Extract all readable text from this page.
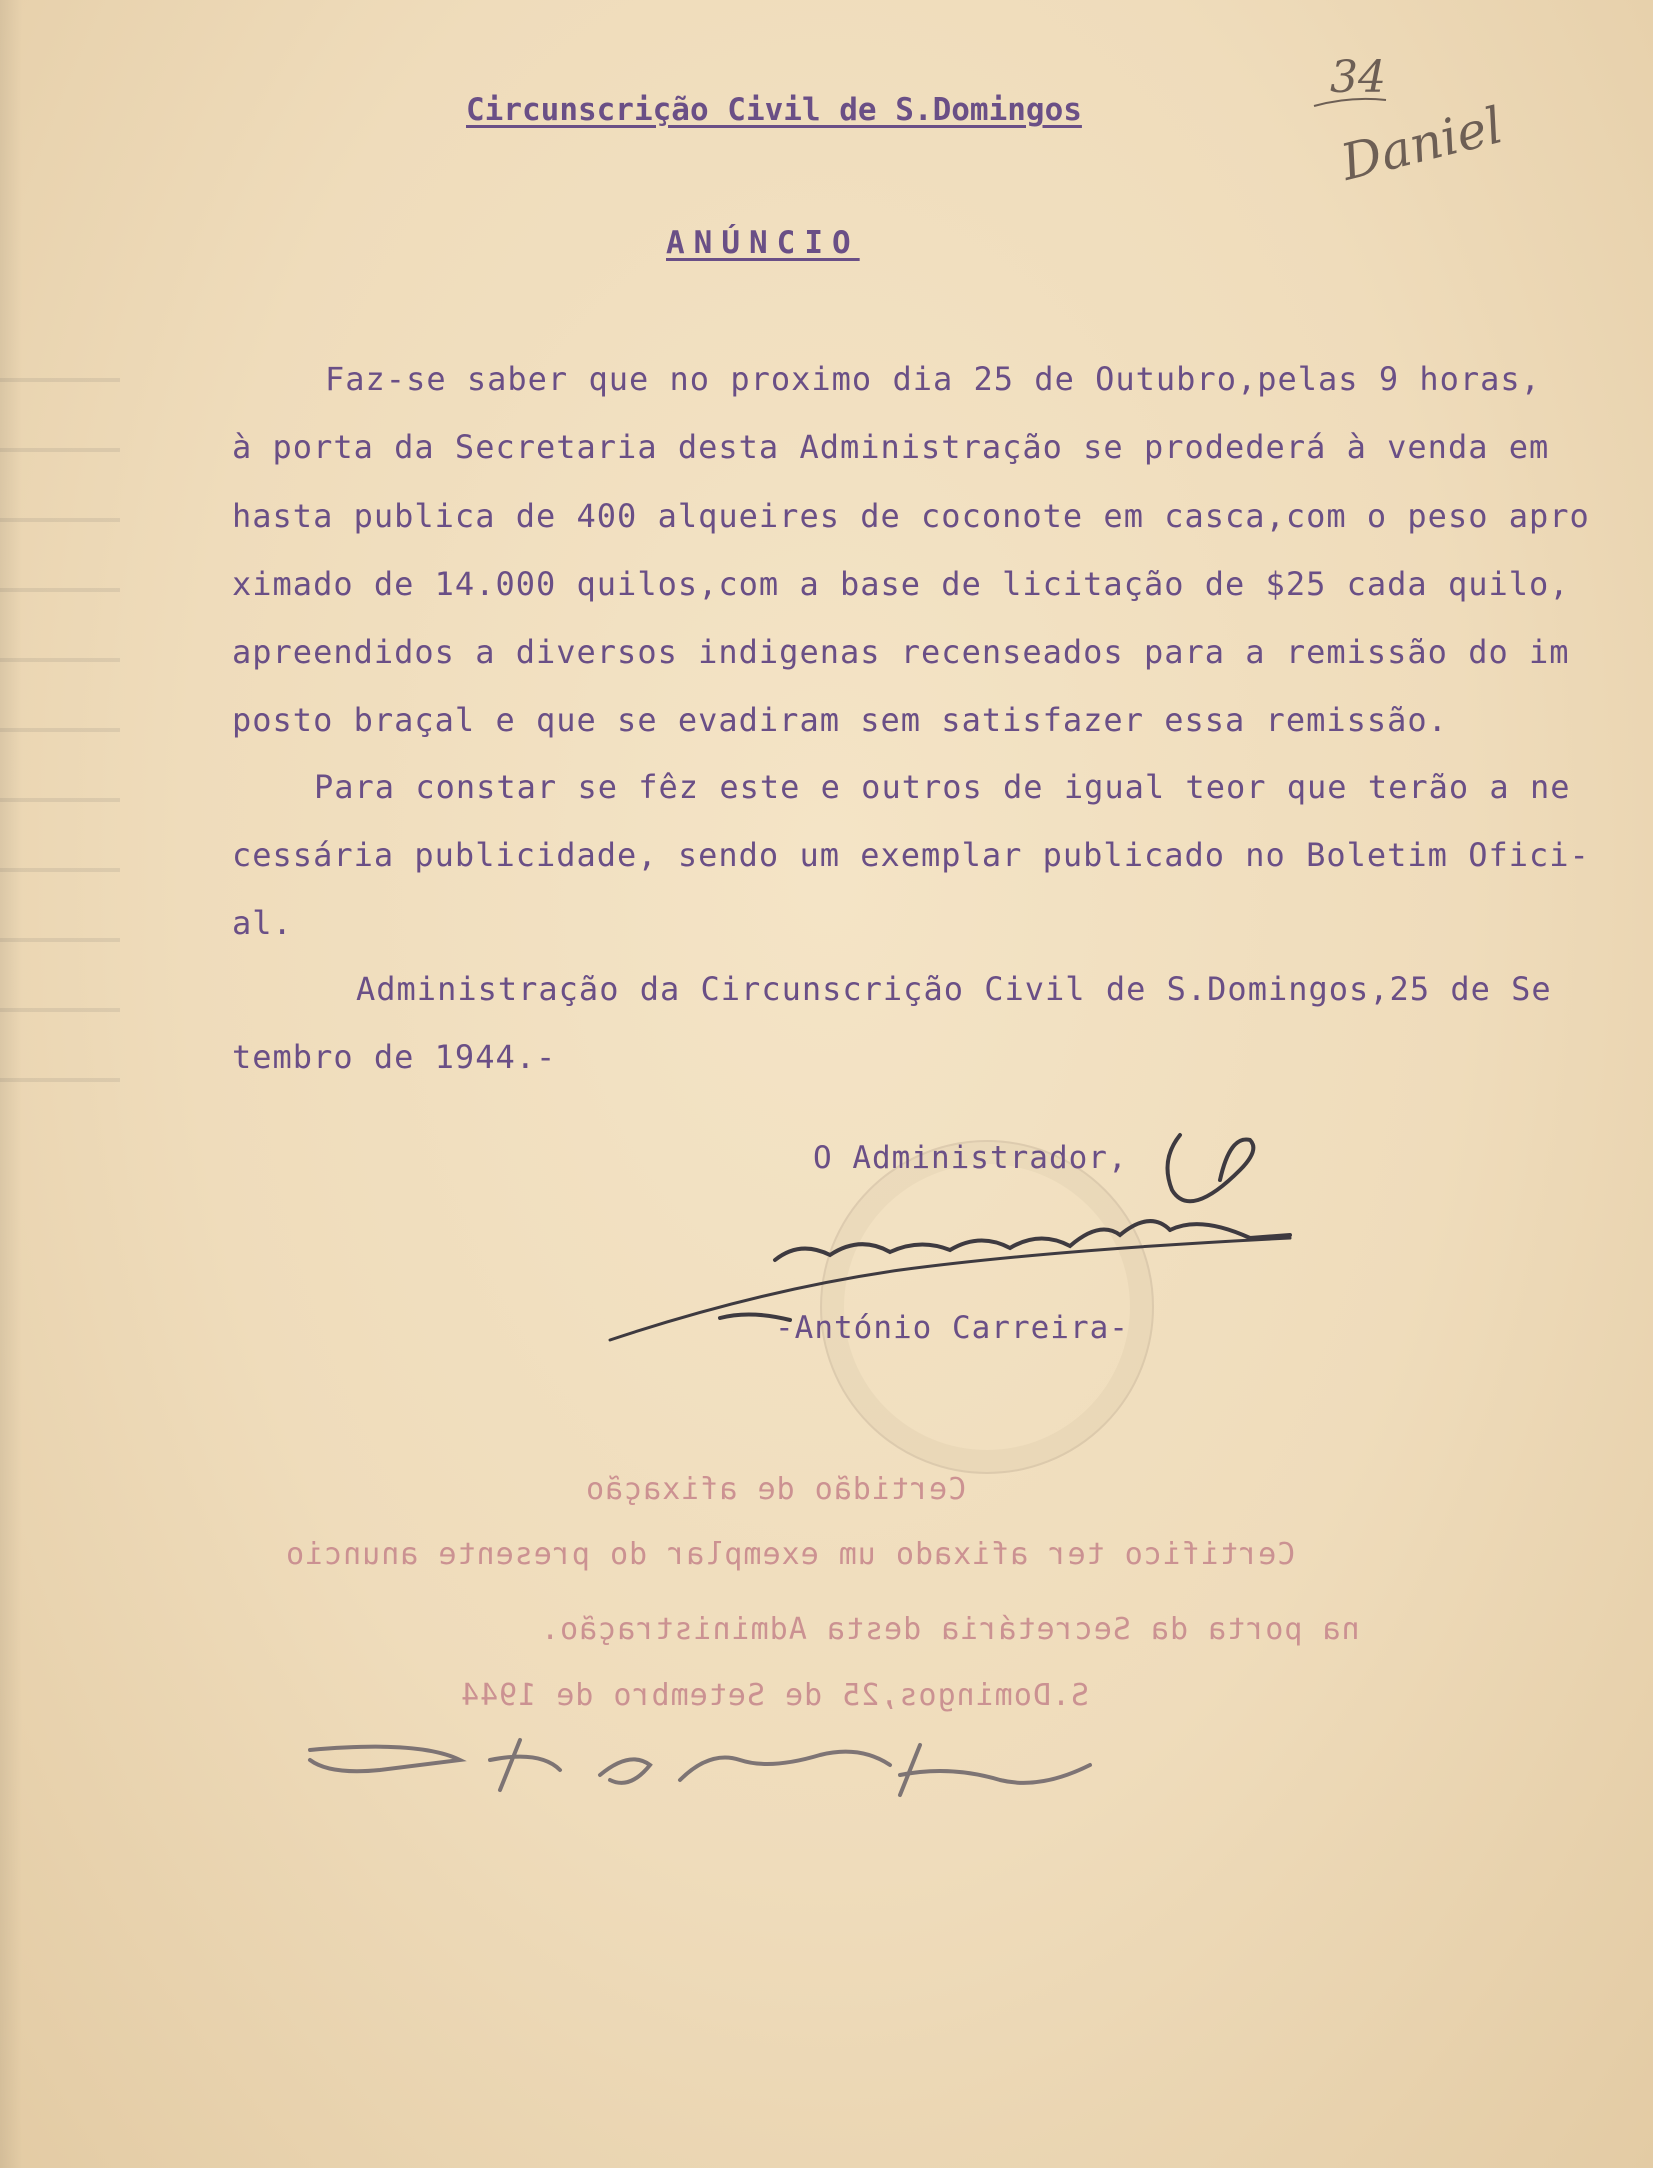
34
Daniel
Circunscrição Civil de S.Domingos
ANÚNCIO
Faz-se saber que no proximo dia 25 de Outubro,pelas 9 horas,
à porta da Secretaria desta Administração se prodederá à venda em
hasta publica de 400 alqueires de coconote em casca,com o peso apro
ximado de 14.000 quilos,com a base de licitação de $25 cada quilo,
apreendidos a diversos indigenas recenseados para a remissão do im
posto braçal e que se evadiram sem satisfazer essa remissão.
Para constar se fêz este e outros de igual teor que terão a ne
cessária publicidade, sendo um exemplar publicado no Boletim Ofici-
al.
Administração da Circunscrição Civil de S.Domingos,25 de Se
tembro de 1944.-
O Administrador,
-António Carreira-
Certidão de afixação
Certifico ter afixado um exemplar do presente anuncio
na porta da Secretária desta Administração.
S.Domingos,25 de Setembro de 1944
